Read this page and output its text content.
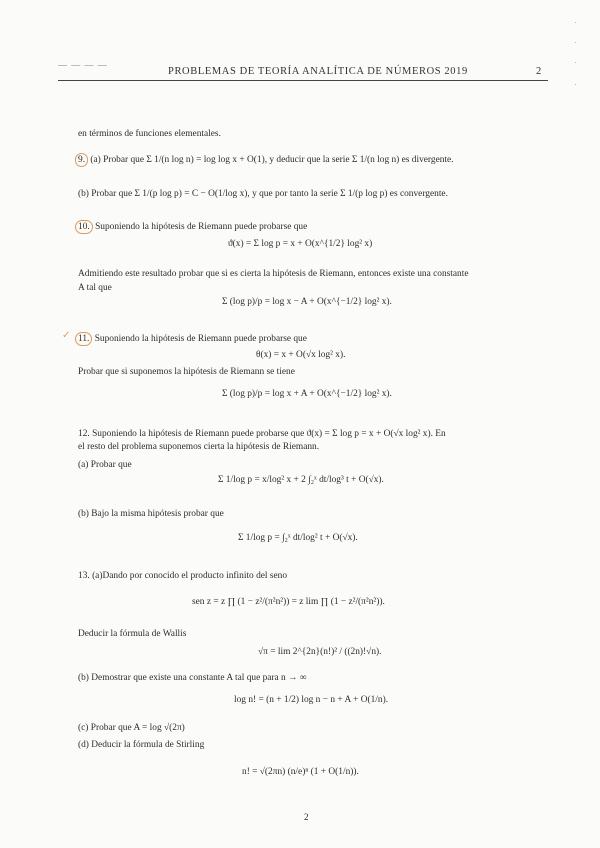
— — — —
PROBLEMAS DE TEORÍA ANALÍTICA DE NÚMEROS 2019	2
·
·
·
·
en términos de funciones elementales.
9. (a) Probar que Σ 1/(n log n) = log log x + O(1), y deducir que la serie Σ 1/(n log n) es divergente.
(b) Probar que Σ 1/(p log p) = C − O(1/log x), y que por tanto la serie Σ 1/(p log p) es convergente.
10. Suponiendo la hipótesis de Riemann puede probarse que
ϑ(x) = Σ log p = x + O(x^{1/2} log² x)
Admitiendo este resultado probar que si es cierta la hipótesis de Riemann, entonces existe una constante
A tal que
Σ (log p)/p = log x − A + O(x^{−1/2} log² x).
✓ 11. Suponiendo la hipótesis de Riemann puede probarse que
θ(x) = x + O(√x log² x).
Probar que si suponemos la hipótesis de Riemann se tiene
Σ (log p)/p = log x + A + O(x^{−1/2} log² x).
12. Suponiendo la hipótesis de Riemann puede probarse que ϑ(x) = Σ log p = x + O(√x log² x). En
el resto del problema suponemos cierta la hipótesis de Riemann.
(a) Probar que
Σ 1/log p = x/log² x + 2 ∫₂ˣ dt/log³ t + O(√x).
(b) Bajo la misma hipótesis probar que
Σ 1/log p = ∫₂ˣ dt/log² t + O(√x).
13. (a)Dando por conocido el producto infinito del seno
sen z = z ∏ (1 − z²/(π²n²)) = z lim ∏ (1 − z²/(π²n²)).
Deducir la fórmula de Wallis
√π = lim 2^{2n}(n!)² / ((2n)!√n).
(b) Demostrar que existe una constante A tal que para n → ∞
log n! = (n + 1/2) log n − n + A + O(1/n).
(c) Probar que A = log √(2π)
(d) Deducir la fórmula de Stirling
n! = √(2πn) (n/e)ⁿ (1 + O(1/n)).
2
